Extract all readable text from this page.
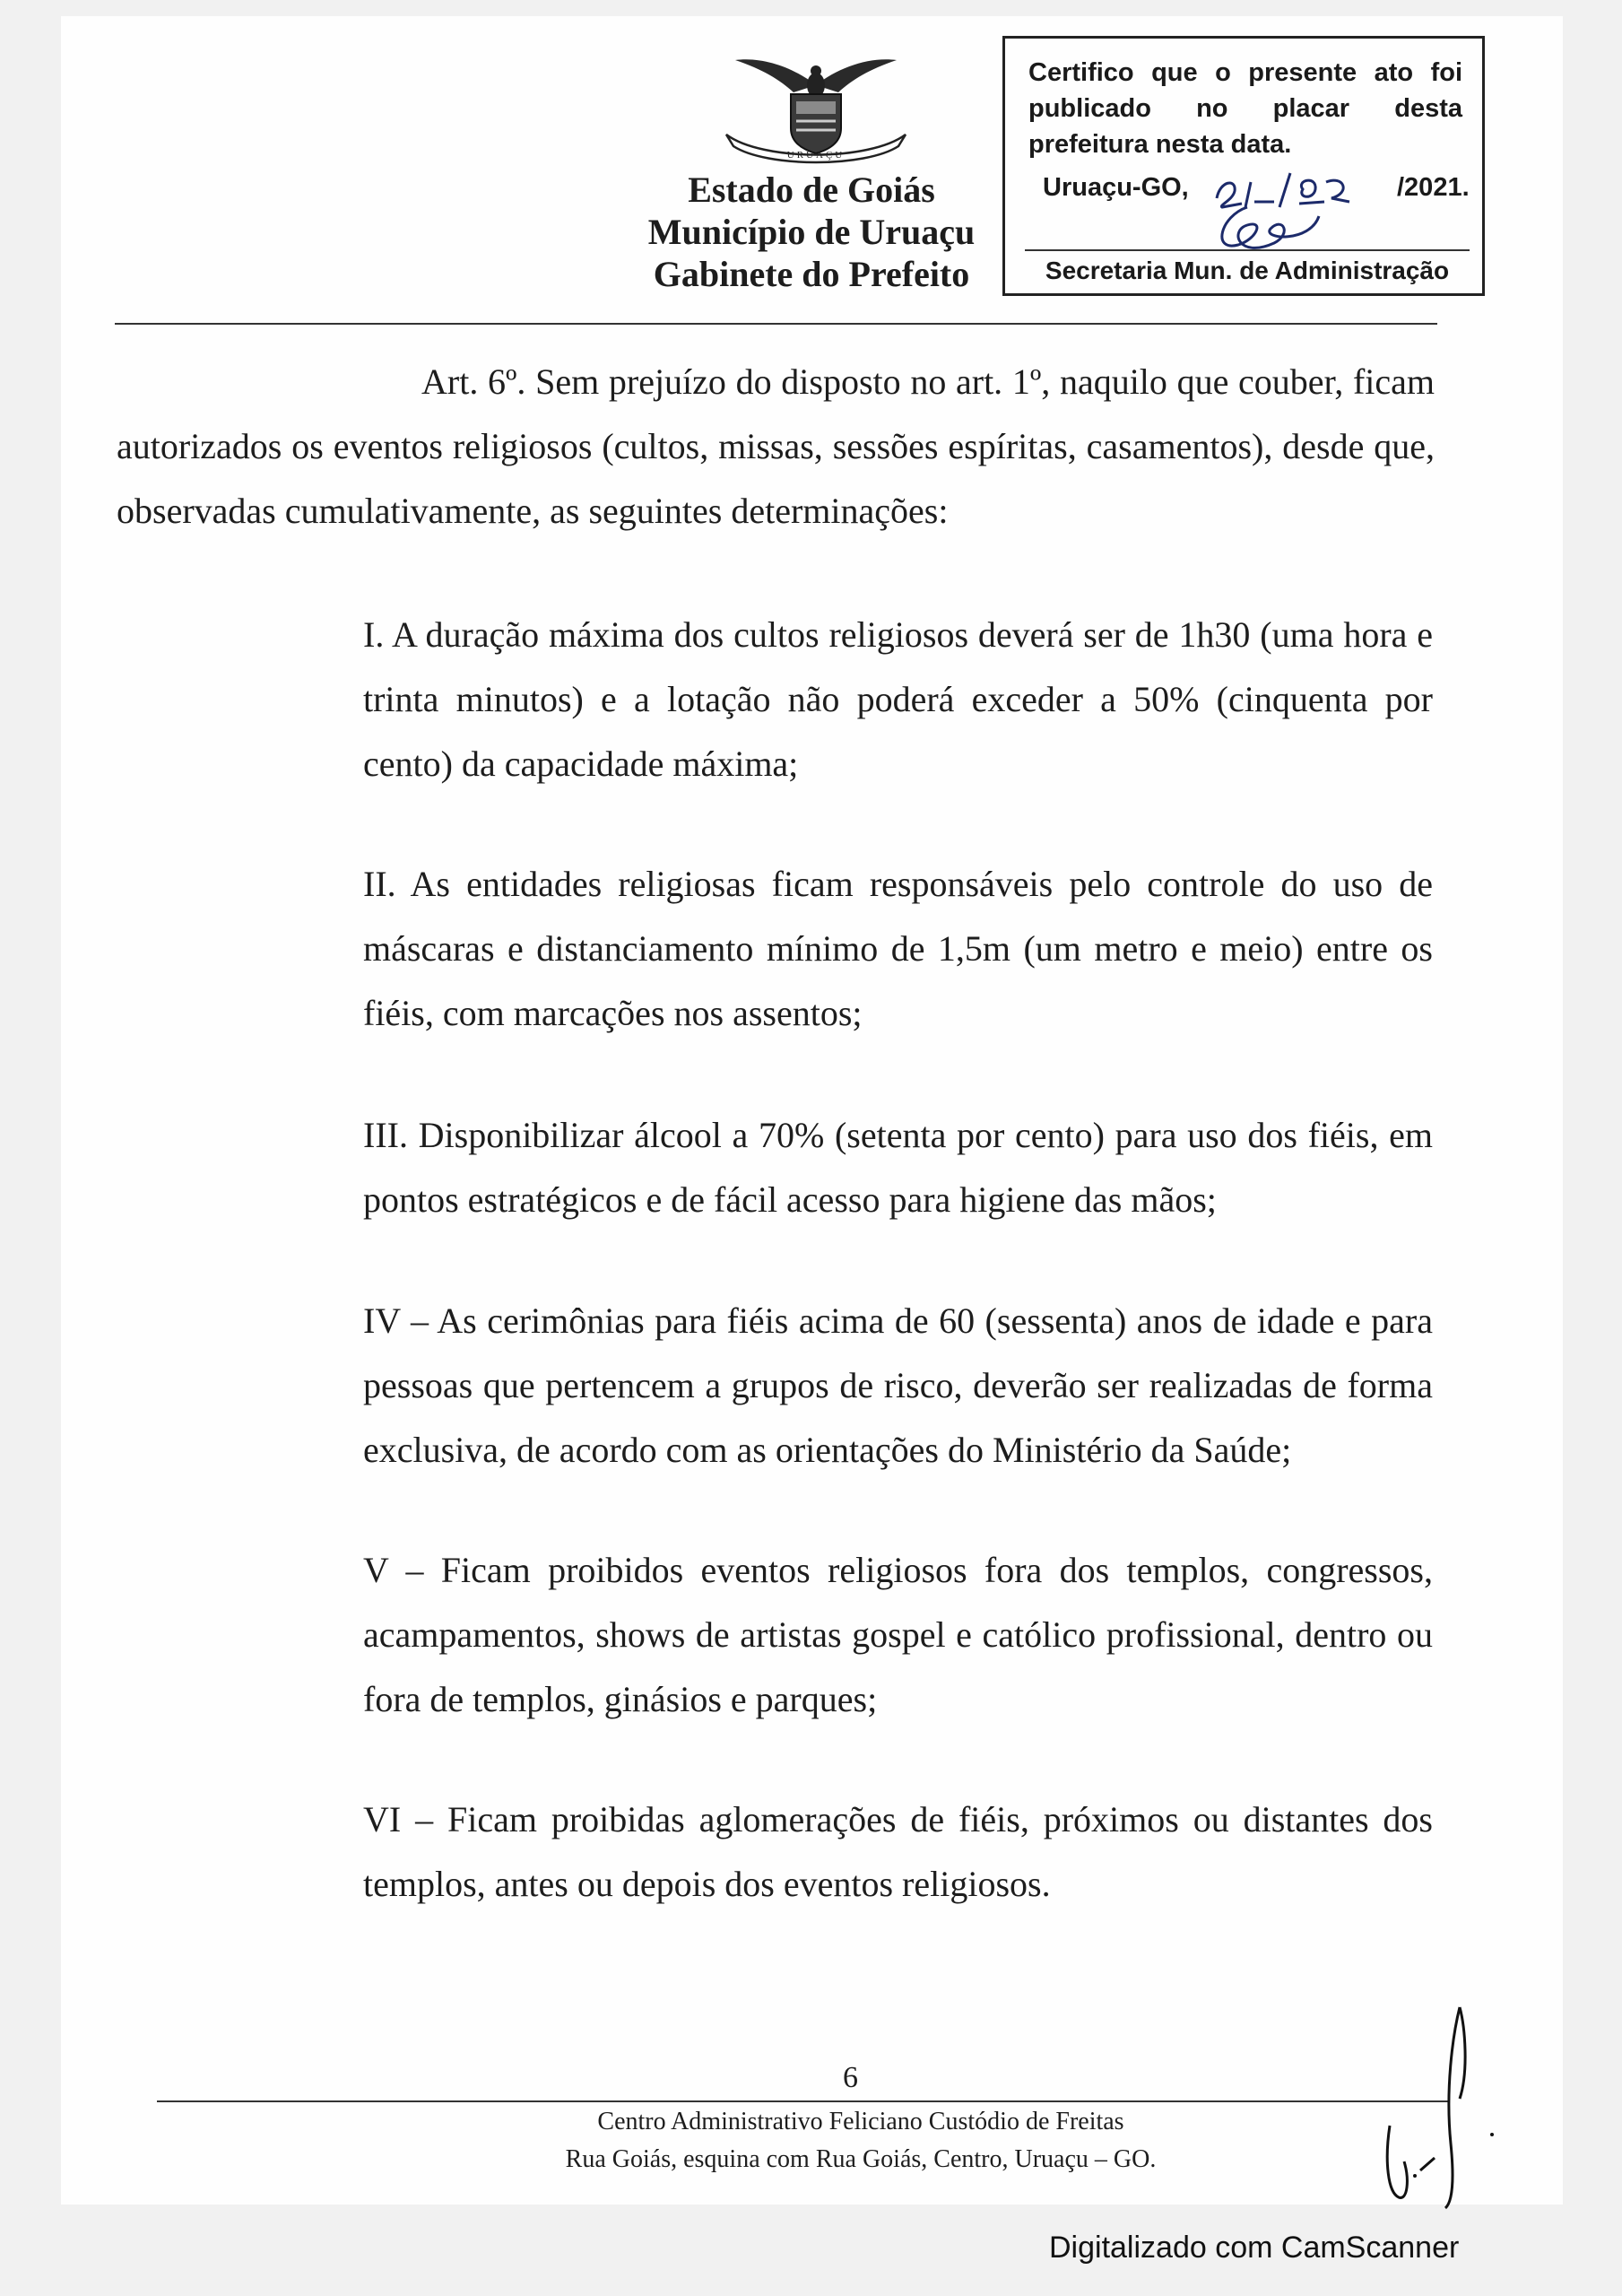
URUAÇU
Estado de Goiás
Município de Uruaçu
Gabinete do Prefeito
Certifico que o presente ato foi
publicado no placar desta
prefeitura nesta data.
Uruaçu-GO,	/2021.
Secretaria Mun. de Administração
Art. 6º. Sem prejuízo do disposto no art. 1º, naquilo que couber, ficam autorizados os eventos religiosos (cultos, missas, sessões espíritas, casamentos), desde que, observadas cumulativamente, as seguintes determinações:
I. A duração máxima dos cultos religiosos deverá ser de 1h30 (uma hora e trinta minutos) e a lotação não poderá exceder a 50% (cinquenta por cento) da capacidade máxima;
II. As entidades religiosas ficam responsáveis pelo controle do uso de máscaras e distanciamento mínimo de 1,5m (um metro e meio) entre os fiéis, com marcações nos assentos;
III. Disponibilizar álcool a 70% (setenta por cento) para uso dos fiéis, em pontos estratégicos e de fácil acesso para higiene das mãos;
IV – As cerimônias para fiéis acima de 60 (sessenta) anos de idade e para pessoas que pertencem a grupos de risco, deverão ser realizadas de forma exclusiva, de acordo com as orientações do Ministério da Saúde;
V – Ficam proibidos eventos religiosos fora dos templos, congressos, acampamentos, shows de artistas gospel e católico profissional, dentro ou fora de templos, ginásios e parques;
VI – Ficam proibidas aglomerações de fiéis, próximos ou distantes dos templos, antes ou depois dos eventos religiosos.
6
Centro Administrativo Feliciano Custódio de Freitas
Rua Goiás, esquina com Rua Goiás, Centro, Uruaçu – GO.
Digitalizado com CamScanner
